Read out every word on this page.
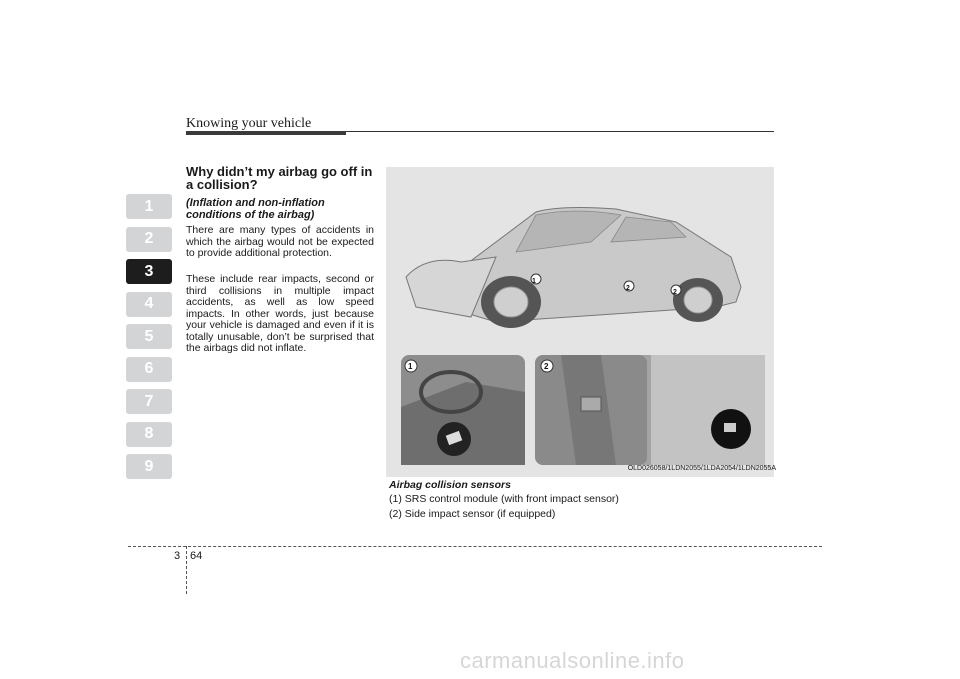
Knowing your vehicle
1
2
3
4
5
6
7
8
9
Why didn’t my airbag go off in a collision?
(Inflation and non-inflation conditions of the airbag)
There are many types of accidents in which the airbag would not be expected to provide additional protection.
These include rear impacts, second or third collisions in multiple impact accidents, as well as low speed impacts. In other words, just because your vehicle is damaged and even if it is totally unusable, don’t be surprised that the airbags did not inflate.
1
2
2
1	2
OLD026058/1LDN2055/1LDA2054/1LDN2055A
Airbag collision sensors
(1) SRS control module (with front impact sensor)
(2) Side impact sensor (if equipped)
3 64
carmanualsonline.info
